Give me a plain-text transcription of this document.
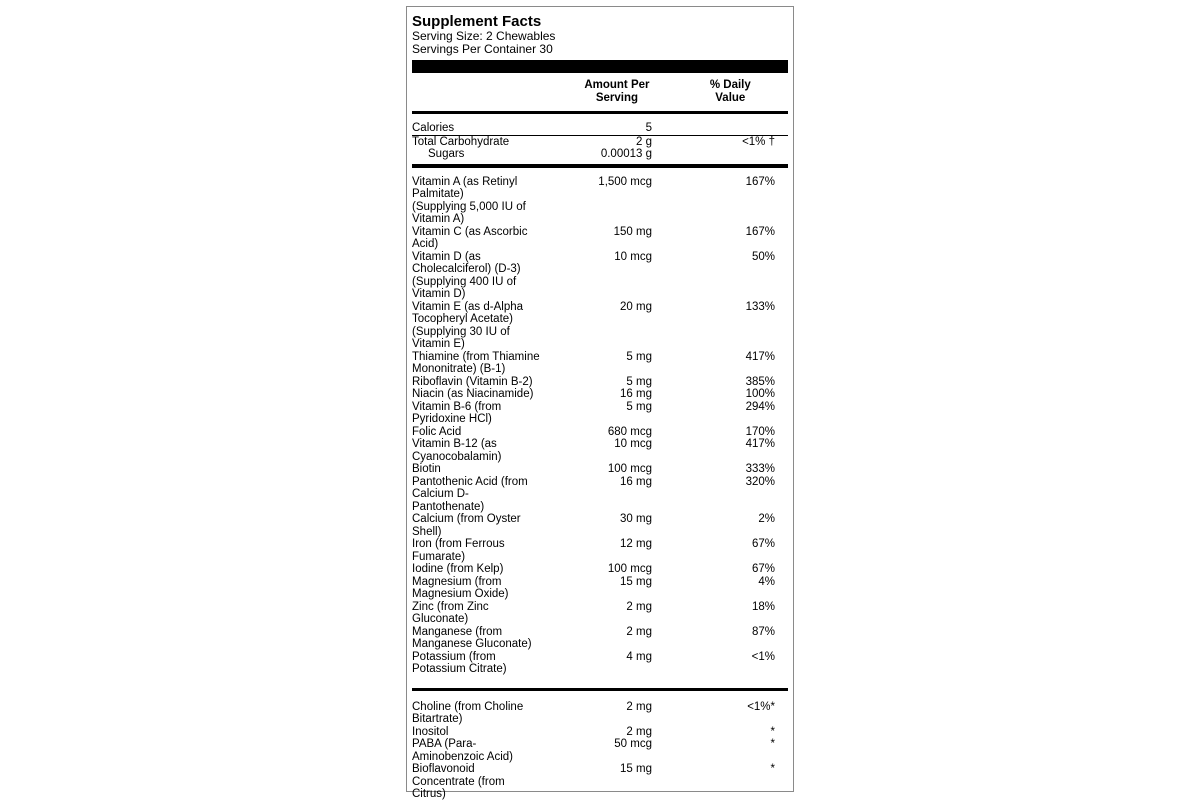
Supplement Facts
Serving Size: 2 Chewables
Servings Per Container 30
Amount Per
Serving
% Daily
Value
Calories	5
Total Carbohydrate	2 g	<1% †
Sugars	0.00013 g
Vitamin A (as Retinyl
Palmitate)
(Supplying 5,000 IU of
Vitamin A)
1,500 mcg	167%
Vitamin C (as Ascorbic
Acid)
150 mg	167%
Vitamin D (as
Cholecalciferol) (D-3)
(Supplying 400 IU of
Vitamin D)
10 mcg	50%
Vitamin E (as d-Alpha
Tocopheryl Acetate)
(Supplying 30 IU of
Vitamin E)
20 mg	133%
Thiamine (from Thiamine
Mononitrate) (B-1)
5 mg	417%
Riboflavin (Vitamin B-2)	5 mg	385%
Niacin (as Niacinamide)	16 mg	100%
Vitamin B-6 (from
Pyridoxine HCl)
5 mg	294%
Folic Acid	680 mcg	170%
Vitamin B-12 (as
Cyanocobalamin)
10 mcg	417%
Biotin	100 mcg	333%
Pantothenic Acid (from
Calcium D-
Pantothenate)
16 mg	320%
Calcium (from Oyster
Shell)
30 mg	2%
Iron (from Ferrous
Fumarate)
12 mg	67%
Iodine (from Kelp)	100 mcg	67%
Magnesium (from
Magnesium Oxide)
15 mg	4%
Zinc (from Zinc
Gluconate)
2 mg	18%
Manganese (from
Manganese Gluconate)
2 mg	87%
Potassium (from
Potassium Citrate)
4 mg	<1%
Choline (from Choline
Bitartrate)
2 mg	<1%*
Inositol	2 mg	*
PABA (Para-
Aminobenzoic Acid)
50 mcg	*
Bioflavonoid
Concentrate (from
Citrus)
15 mg	*
